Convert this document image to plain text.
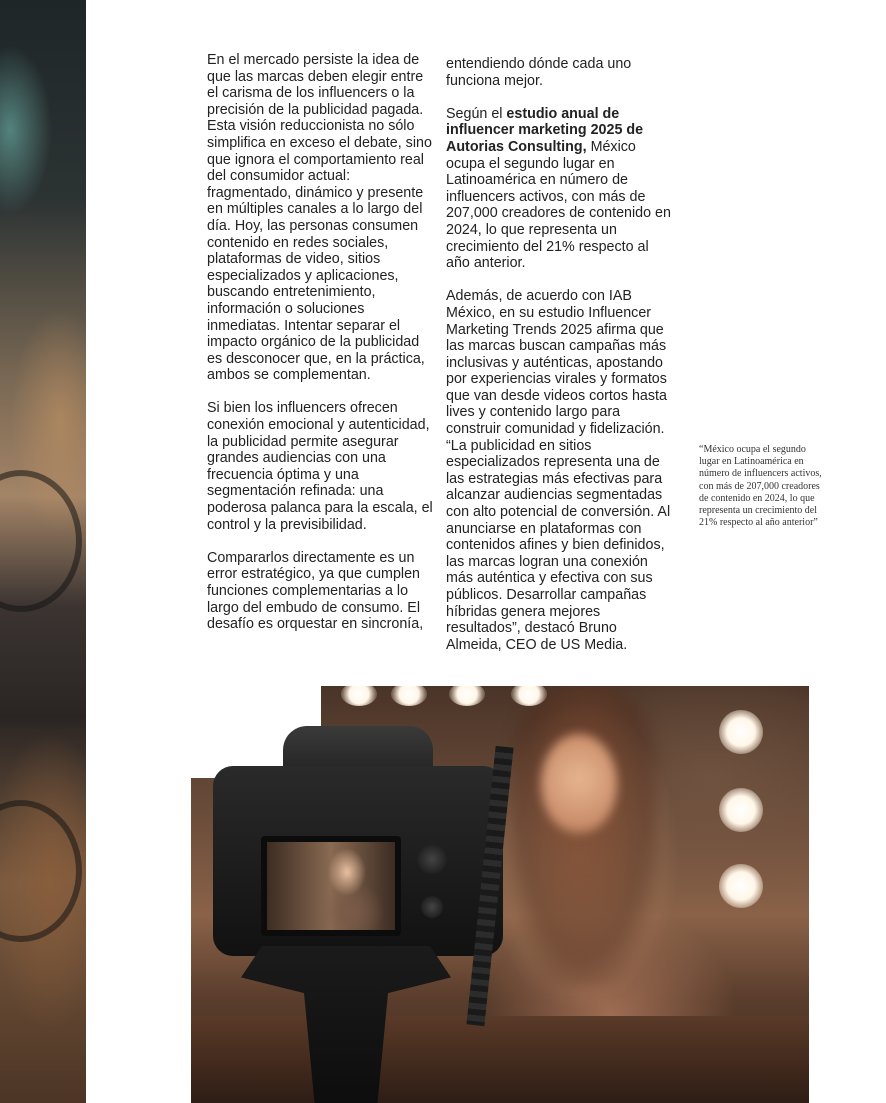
En el mercado persiste la idea de que las marcas deben elegir entre el carisma de los influencers o la precisión de la publicidad pagada. Esta visión reduccionista no sólo simplifica en exceso el debate, sino que ignora el comportamiento real del consumidor actual: fragmentado, dinámico y presente en múltiples canales a lo largo del día. Hoy, las personas consumen contenido en redes sociales, plataformas de video, sitios especializados y aplicaciones, buscando entretenimiento, información o soluciones inmediatas. Intentar separar el impacto orgánico de la publicidad es desconocer que, en la práctica, ambos se complementan.

Si bien los influencers ofrecen conexión emocional y autenticidad, la publicidad permite asegurar grandes audiencias con una frecuencia óptima y una segmentación refinada: una poderosa palanca para la escala, el control y la previsibilidad.

Compararlos directamente es un error estratégico, ya que cumplen funciones complementarias a lo largo del embudo de consumo. El desafío es orquestar en sincronía,

entendiendo dónde cada uno funciona mejor.

Según el estudio anual de influencer marketing 2025 de Autorias Consulting, México ocupa el segundo lugar en Latinoamérica en número de influencers activos, con más de 207,000 creadores de contenido en 2024, lo que representa un crecimiento del 21% respecto al año anterior.

Además, de acuerdo con IAB México, en su estudio Influencer Marketing Trends 2025 afirma que las marcas buscan campañas más inclusivas y auténticas, apostando por experiencias virales y formatos que van desde videos cortos hasta lives y contenido largo para construir comunidad y fidelización. “La publicidad en sitios especializados representa una de las estrategias más efectivas para alcanzar audiencias segmentadas con alto potencial de conversión. Al anunciarse en plataformas con contenidos afines y bien definidos, las marcas logran una conexión más auténtica y efectiva con sus públicos. Desarrollar campañas híbridas genera mejores resultados”, destacó Bruno Almeida, CEO de US Media.

“México ocupa el segundo lugar en Latinoamérica en número de influencers activos, con más de 207,000 creadores de contenido en 2024, lo que representa un crecimiento del 21% respecto al año anterior”
